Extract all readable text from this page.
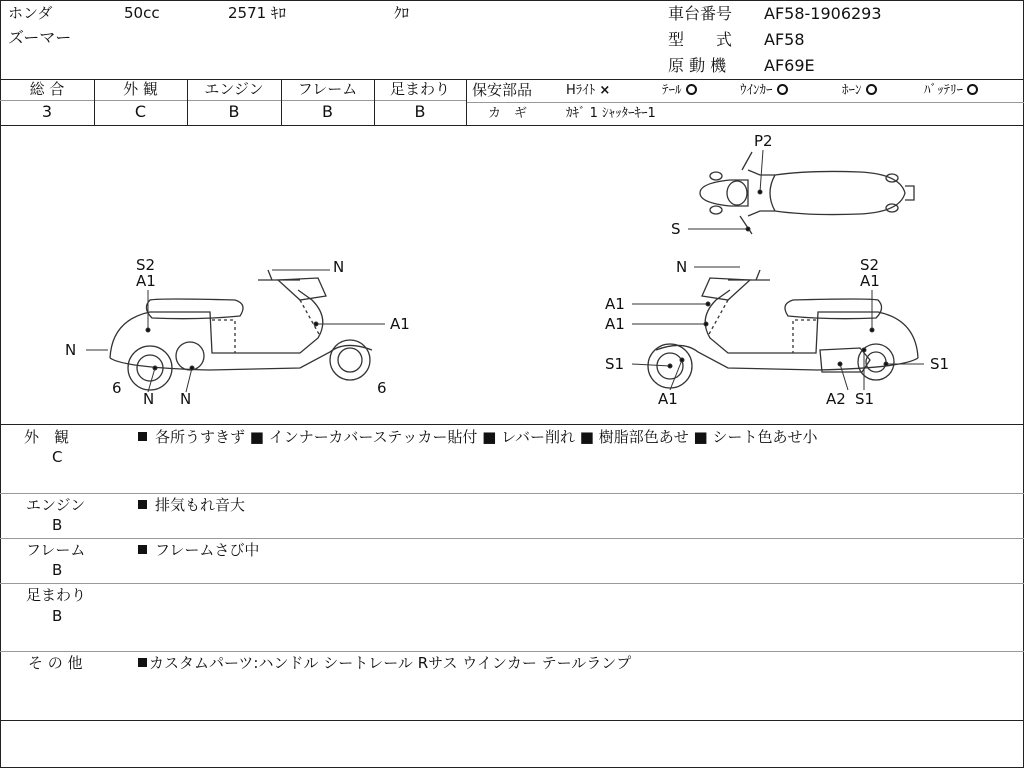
ホンダ	50cc	2571 ｷﾛ	ｸﾛ
ズーマー
車台番号 AF58-1906293
型　　式 AF58
原 動 機 AF69E
総 合
3
外 観
C
エンジン
B
フレーム
B
足まわり
B
保安部品	Hﾗｲﾄ ×	ﾃｰﾙ	ｳｲﾝｶｰ	ﾎｰﾝ	ﾊﾞｯﾃﾘｰ
カ　ギ	ｶｷﾞ 1 ｼｬｯﾀｰｷｰ1
P2
S
S2
A1
N
A1
N
6
N N
6
N	S2
A1
A1
A1
S1	S1
A1	A2 S1
外　観
C
各所うすきず ■ インナーカバーステッカー貼付 ■ レバー削れ ■ 樹脂部色あせ ■ シート色あせ小
エンジン
B
排気もれ音大
フレーム
B
フレームさび中
足まわり
B
そ の 他	カスタムパーツ:ハンドル シートレール Rサス ウインカー テールランプ
